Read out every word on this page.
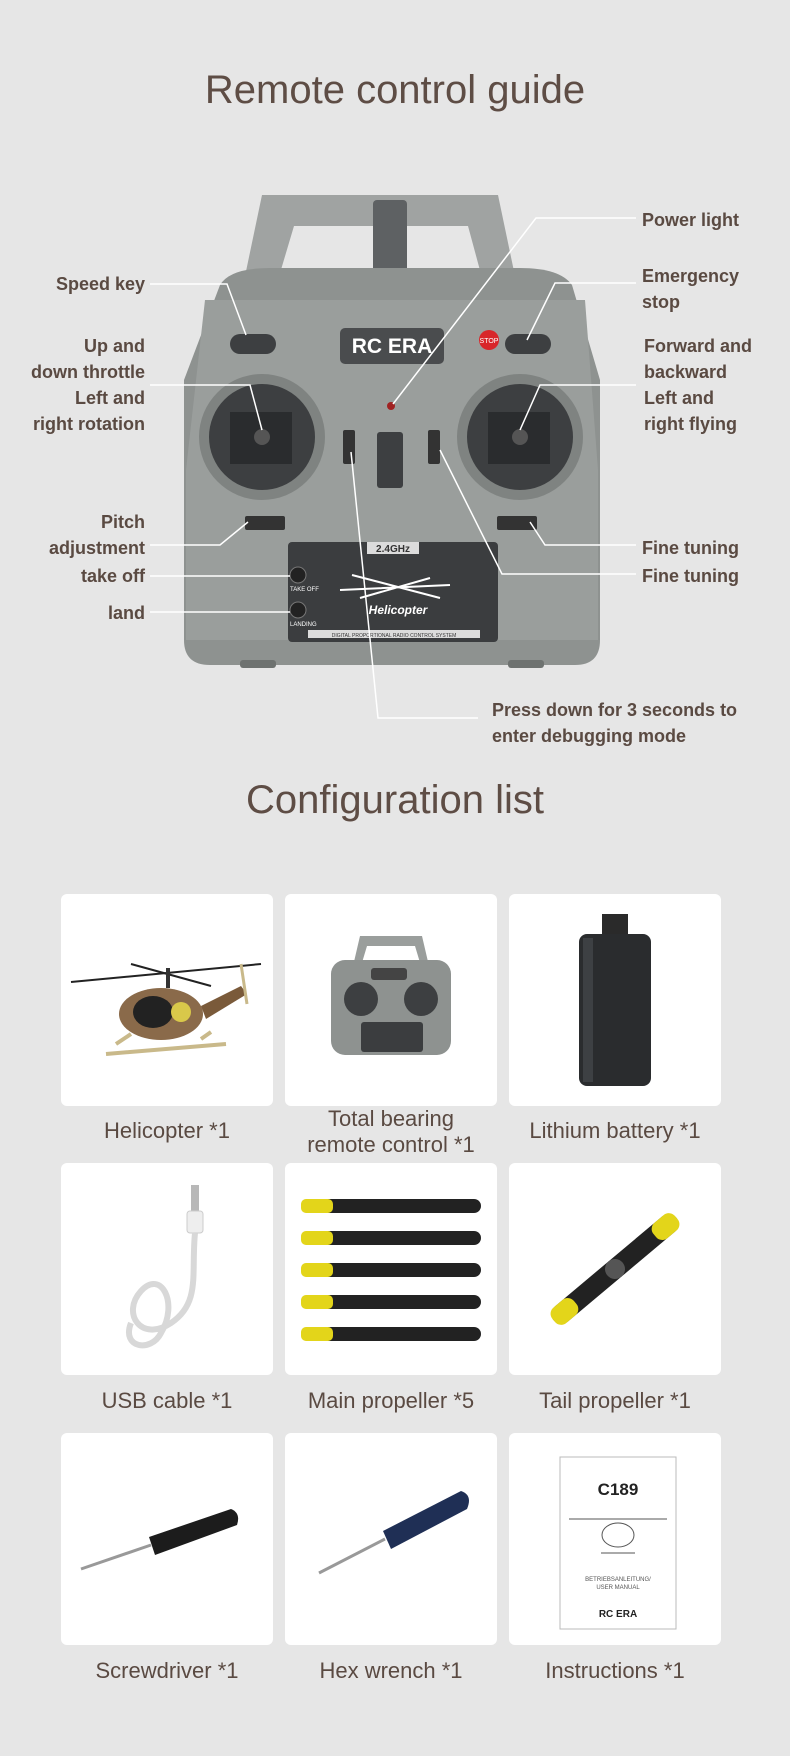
Remote control guide
RC ERA	STOP
2.4GHz
TAKE OFF
LANDING
Helicopter
DIGITAL PROPORTIONAL RADIO CONTROL SYSTEM
Speed key
Up and
down throttle
Left and
right rotation
Pitch
adjustment
take off
land
Power light
Emergency
stop
Forward and
backward
Left and
right flying
Fine tuning
Fine tuning
Press down for 3 seconds to
enter debugging mode
Configuration list
Helicopter *1	Total bearing
remote control *1
Lithium battery *1
USB cable *1	Main propeller *5	Tail propeller *1
Screwdriver *1	Hex wrench *1
C189
BETRIEBSANLEITUNG/
USER MANUAL
RC ERA
Instructions *1
